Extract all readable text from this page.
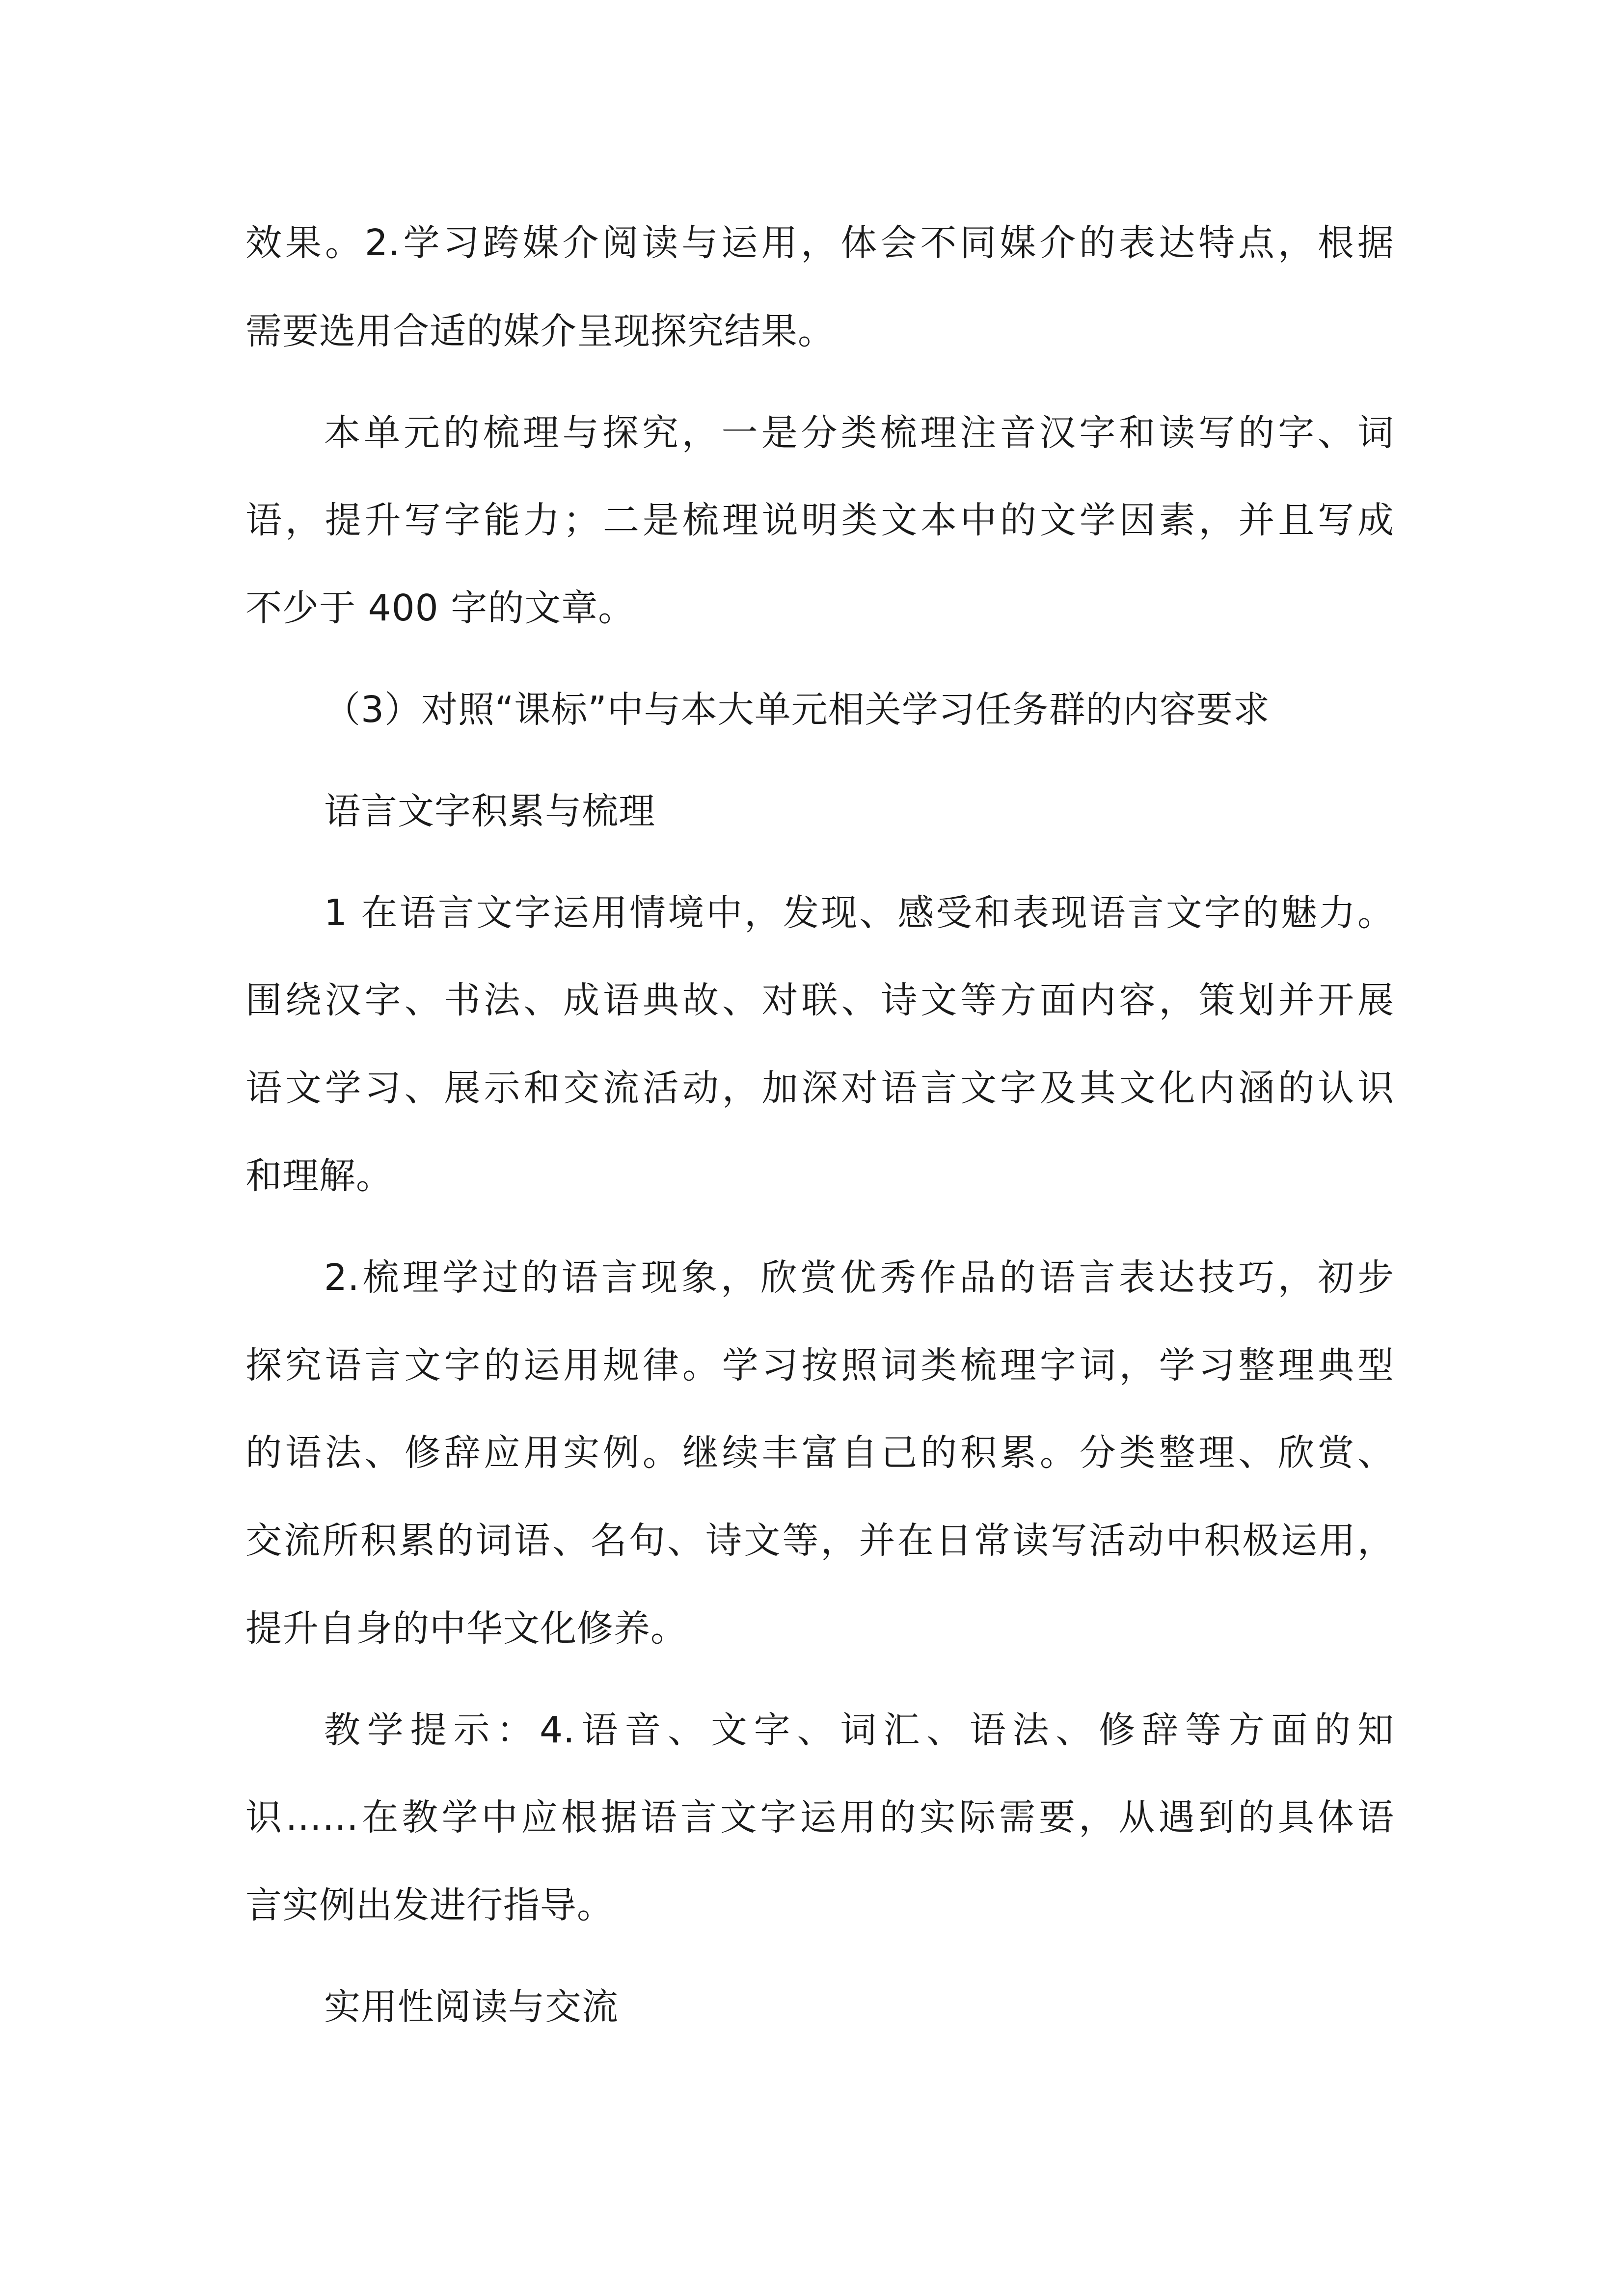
效果。2.学习跨媒介阅读与运用，体会不同媒介的表达特点，根据

需要选用合适的媒介呈现探究结果。

本单元的梳理与探究，一是分类梳理注音汉字和读写的字、词

语，提升写字能力；二是梳理说明类文本中的文学因素，并且写成

不少于 400 字的文章。

（3）对照“课标”中与本大单元相关学习任务群的内容要求

语言文字积累与梳理

1 在语言文字运用情境中，发现、感受和表现语言文字的魅力。

围绕汉字、书法、成语典故、对联、诗文等方面内容，策划并开展

语文学习、展示和交流活动，加深对语言文字及其文化内涵的认识

和理解。

2.梳理学过的语言现象，欣赏优秀作品的语言表达技巧，初步

探究语言文字的运用规律。学习按照词类梳理字词，学习整理典型

的语法、修辞应用实例。继续丰富自己的积累。分类整理、欣赏、

交流所积累的词语、名句、诗文等，并在日常读写活动中积极运用，

提升自身的中华文化修养。

教学提示：4.语音、文字、词汇、语法、修辞等方面的知

识……在教学中应根据语言文字运用的实际需要，从遇到的具体语

言实例出发进行指导。

实用性阅读与交流
